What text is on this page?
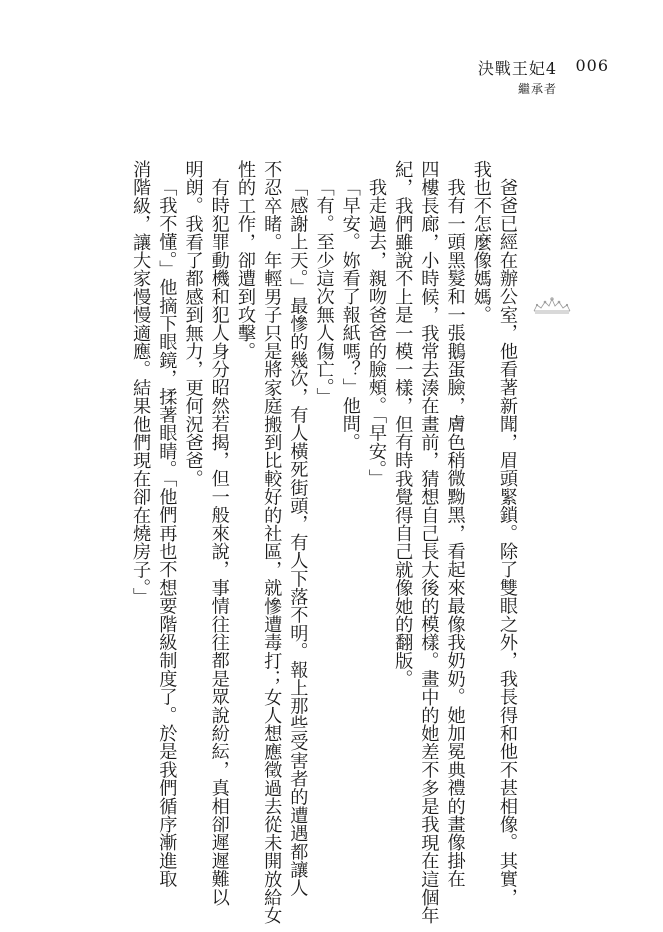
決戰王妃4 006
繼承者
爸爸已經在辦公室，他看著新聞，眉頭緊鎖。除了雙眼之外，我長得和他不甚相像。其實，
我也不怎麼像媽媽。
我有一頭黑髮和一張鵝蛋臉，膚色稍微黝黑，看起來最像我奶奶。她加冕典禮的畫像掛在
四樓長廊，小時候，我常去湊在畫前，猜想自己長大後的模樣。畫中的她差不多是我現在這個年
紀，我們雖說不上是一模一樣，但有時我覺得自己就像她的翻版。
我走過去，親吻爸爸的臉頰。「早安。」
「早安。妳看了報紙嗎？」他問。
「有。至少這次無人傷亡。」
「感謝上天。」最慘的幾次，有人橫死街頭，有人下落不明。報上那些受害者的遭遇都讓人
不忍卒睹。年輕男子只是將家庭搬到比較好的社區，就慘遭毒打；女人想應徵過去從未開放給女
性的工作，卻遭到攻擊。
有時犯罪動機和犯人身分昭然若揭，但一般來說，事情往往都是眾說紛紜，真相卻遲遲難以
明朗。我看了都感到無力，更何況爸爸。
「我不懂。」他摘下眼鏡，揉著眼睛。「他們再也不想要階級制度了。於是我們循序漸進取
消階級，讓大家慢慢適應。結果他們現在卻在燒房子。」
